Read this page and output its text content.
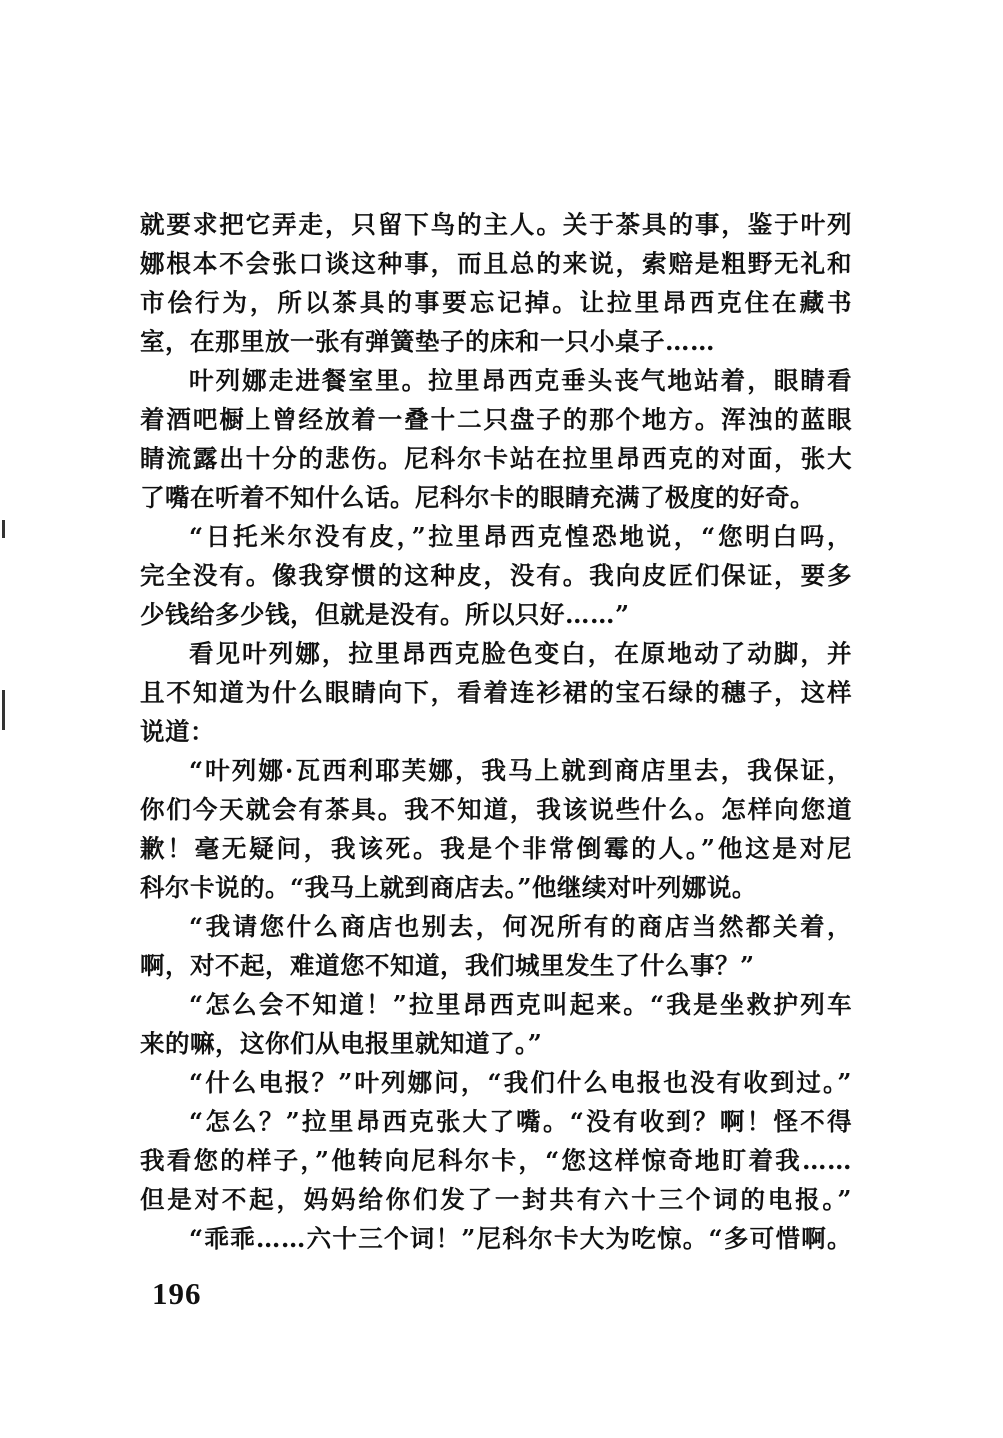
就要求把它弄走，只留下鸟的主人。关于茶具的事，鉴于叶列
娜根本不会张口谈这种事，而且总的来说，索赔是粗野无礼和
市侩行为，所以茶具的事要忘记掉。让拉里昂西克住在藏书
室，在那里放一张有弹簧垫子的床和一只小桌子……
叶列娜走进餐室里。拉里昂西克垂头丧气地站着，眼睛看
着酒吧橱上曾经放着一叠十二只盘子的那个地方。浑浊的蓝眼
睛流露出十分的悲伤。尼科尔卡站在拉里昂西克的对面，张大
了嘴在听着不知什么话。尼科尔卡的眼睛充满了极度的好奇。
“日托米尔没有皮，”拉里昂西克惶恐地说，“您明白吗，
完全没有。像我穿惯的这种皮，没有。我向皮匠们保证，要多
少钱给多少钱，但就是没有。所以只好……”
看见叶列娜，拉里昂西克脸色变白，在原地动了动脚，并
且不知道为什么眼睛向下，看着连衫裙的宝石绿的穗子，这样
说道：
“叶列娜·瓦西利耶芙娜，我马上就到商店里去，我保证，
你们今天就会有茶具。我不知道，我该说些什么。怎样向您道
歉！毫无疑问，我该死。我是个非常倒霉的人。”他这是对尼
科尔卡说的。“我马上就到商店去。”他继续对叶列娜说。
“我请您什么商店也别去，何况所有的商店当然都关着，
啊，对不起，难道您不知道，我们城里发生了什么事？”
“怎么会不知道！”拉里昂西克叫起来。“我是坐救护列车
来的嘛，这你们从电报里就知道了。”
“什么电报？”叶列娜问，“我们什么电报也没有收到过。”
“怎么？”拉里昂西克张大了嘴。“没有收到？啊！怪不得
我看您的样子，”他转向尼科尔卡，“您这样惊奇地盯着我……
但是对不起，妈妈给你们发了一封共有六十三个词的电报。”
“乖乖……六十三个词！”尼科尔卡大为吃惊。“多可惜啊。
196
